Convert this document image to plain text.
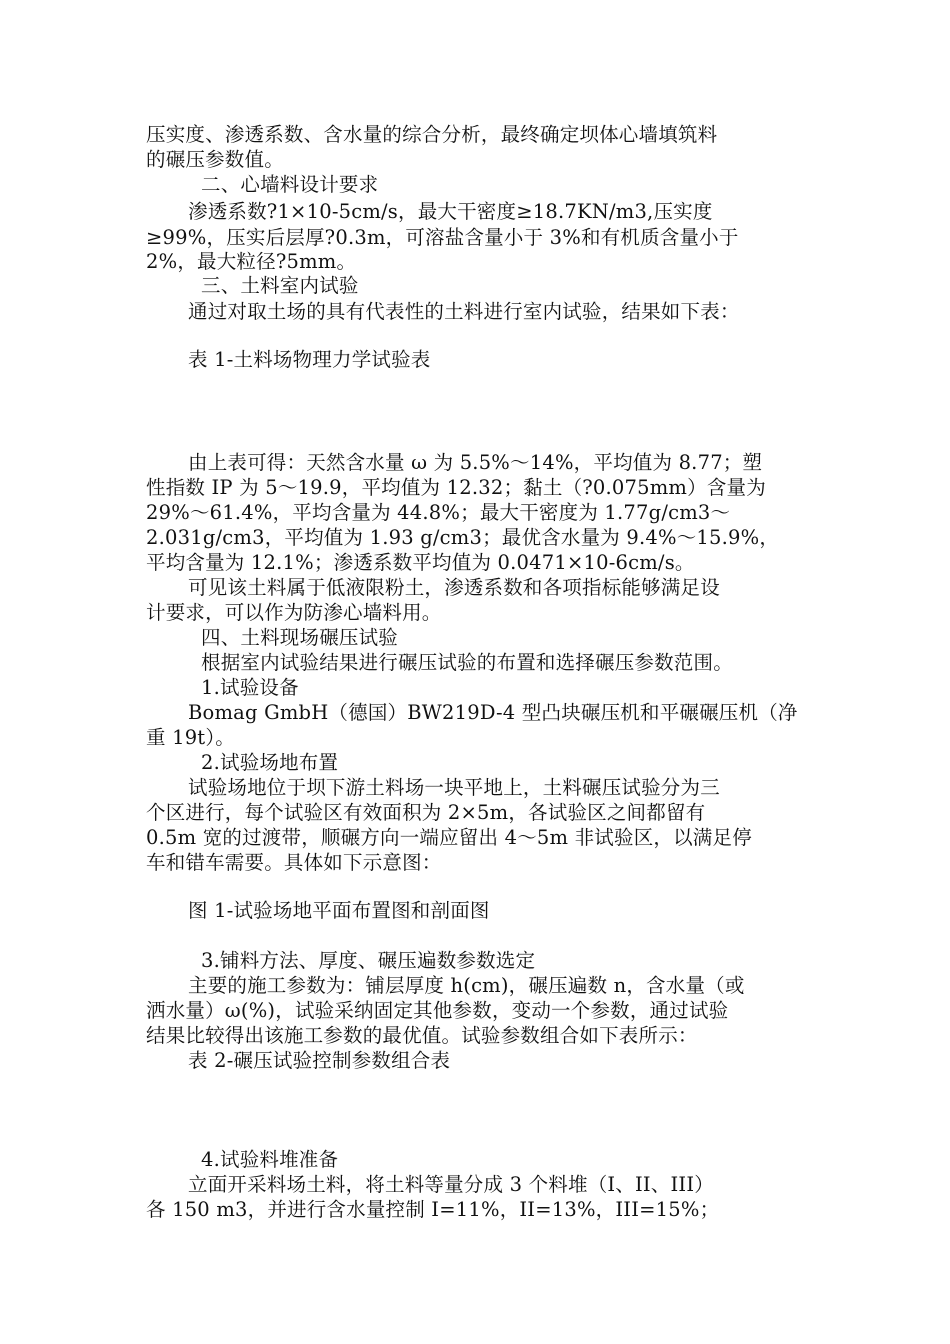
压实度、渗透系数、含水量的综合分析，最终确定坝体心墙填筑料
的碾压参数值。
二、心墙料设计要求
渗透系数?1×10-5cm/s，最大干密度≥18.7KN/m3,压实度
≥99%，压实后层厚?0.3m，可溶盐含量小于 3%和有机质含量小于
2%，最大粒径?5mm。
三、土料室内试验
通过对取土场的具有代表性的土料进行室内试验，结果如下表：
表 1-土料场物理力学试验表
由上表可得：天然含水量 ω 为 5.5%～14%，平均值为 8.77；塑
性指数 IP 为 5～19.9，平均值为 12.32；黏土（?0.075mm）含量为
29%～61.4%，平均含量为 44.8%；最大干密度为 1.77g/cm3～
2.031g/cm3，平均值为 1.93 g/cm3；最优含水量为 9.4%～15.9%，
平均含量为 12.1%；渗透系数平均值为 0.0471×10-6cm/s。
可见该土料属于低液限粉土，渗透系数和各项指标能够满足设
计要求，可以作为防渗心墙料用。
四、土料现场碾压试验
根据室内试验结果进行碾压试验的布置和选择碾压参数范围。
1.试验设备
Bomag GmbH（德国）BW219D-4 型凸块碾压机和平碾碾压机（净
重 19t）。
2.试验场地布置
试验场地位于坝下游土料场一块平地上，土料碾压试验分为三
个区进行，每个试验区有效面积为 2×5m，各试验区之间都留有
0.5m 宽的过渡带，顺碾方向一端应留出 4～5m 非试验区，以满足停
车和错车需要。具体如下示意图：
图 1-试验场地平面布置图和剖面图
3.铺料方法、厚度、碾压遍数参数选定
主要的施工参数为：铺层厚度 h(cm)，碾压遍数 n，含水量（或
洒水量）ω(%)，试验采纳固定其他参数，变动一个参数，通过试验
结果比较得出该施工参数的最优值。试验参数组合如下表所示：
表 2-碾压试验控制参数组合表
4.试验料堆准备
立面开采料场土料，将土料等量分成 3 个料堆（I、II、III）
各 150 m3，并进行含水量控制 I=11%，II=13%，III=15%；
